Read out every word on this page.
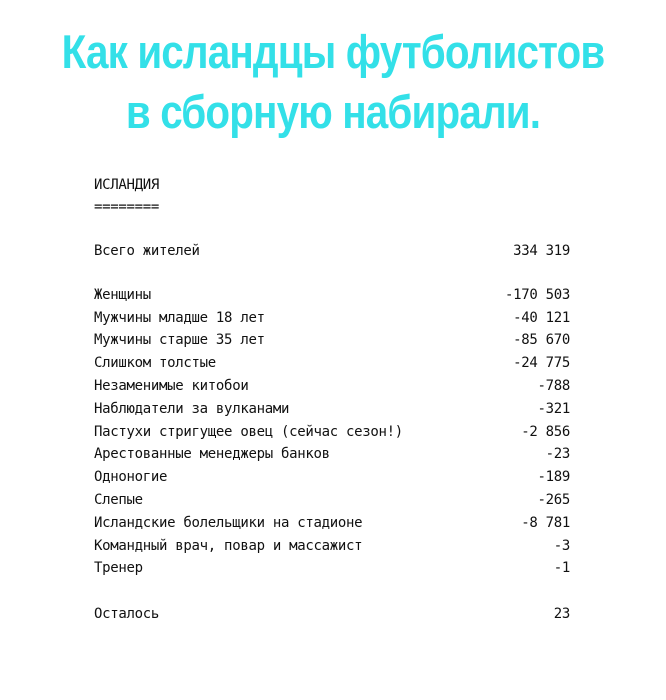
Как исландцы футболистов
в сборную набирали.
ИСЛАНДИЯ
========
Всего жителей	334 319
Женщины	-170 503
Мужчины младше 18 лет	-40 121
Мужчины старше 35 лет	-85 670
Слишком толстые	-24 775
Незаменимые китобои	-788
Наблюдатели за вулканами	-321
Пастухи стригущее овец (сейчас сезон!)	-2 856
Арестованные менеджеры банков	-23
Одноногие	-189
Слепые	-265
Исландские болельщики на стадионе	-8 781
Командный врач, повар и массажист	-3
Тренер	-1
Осталось	23
